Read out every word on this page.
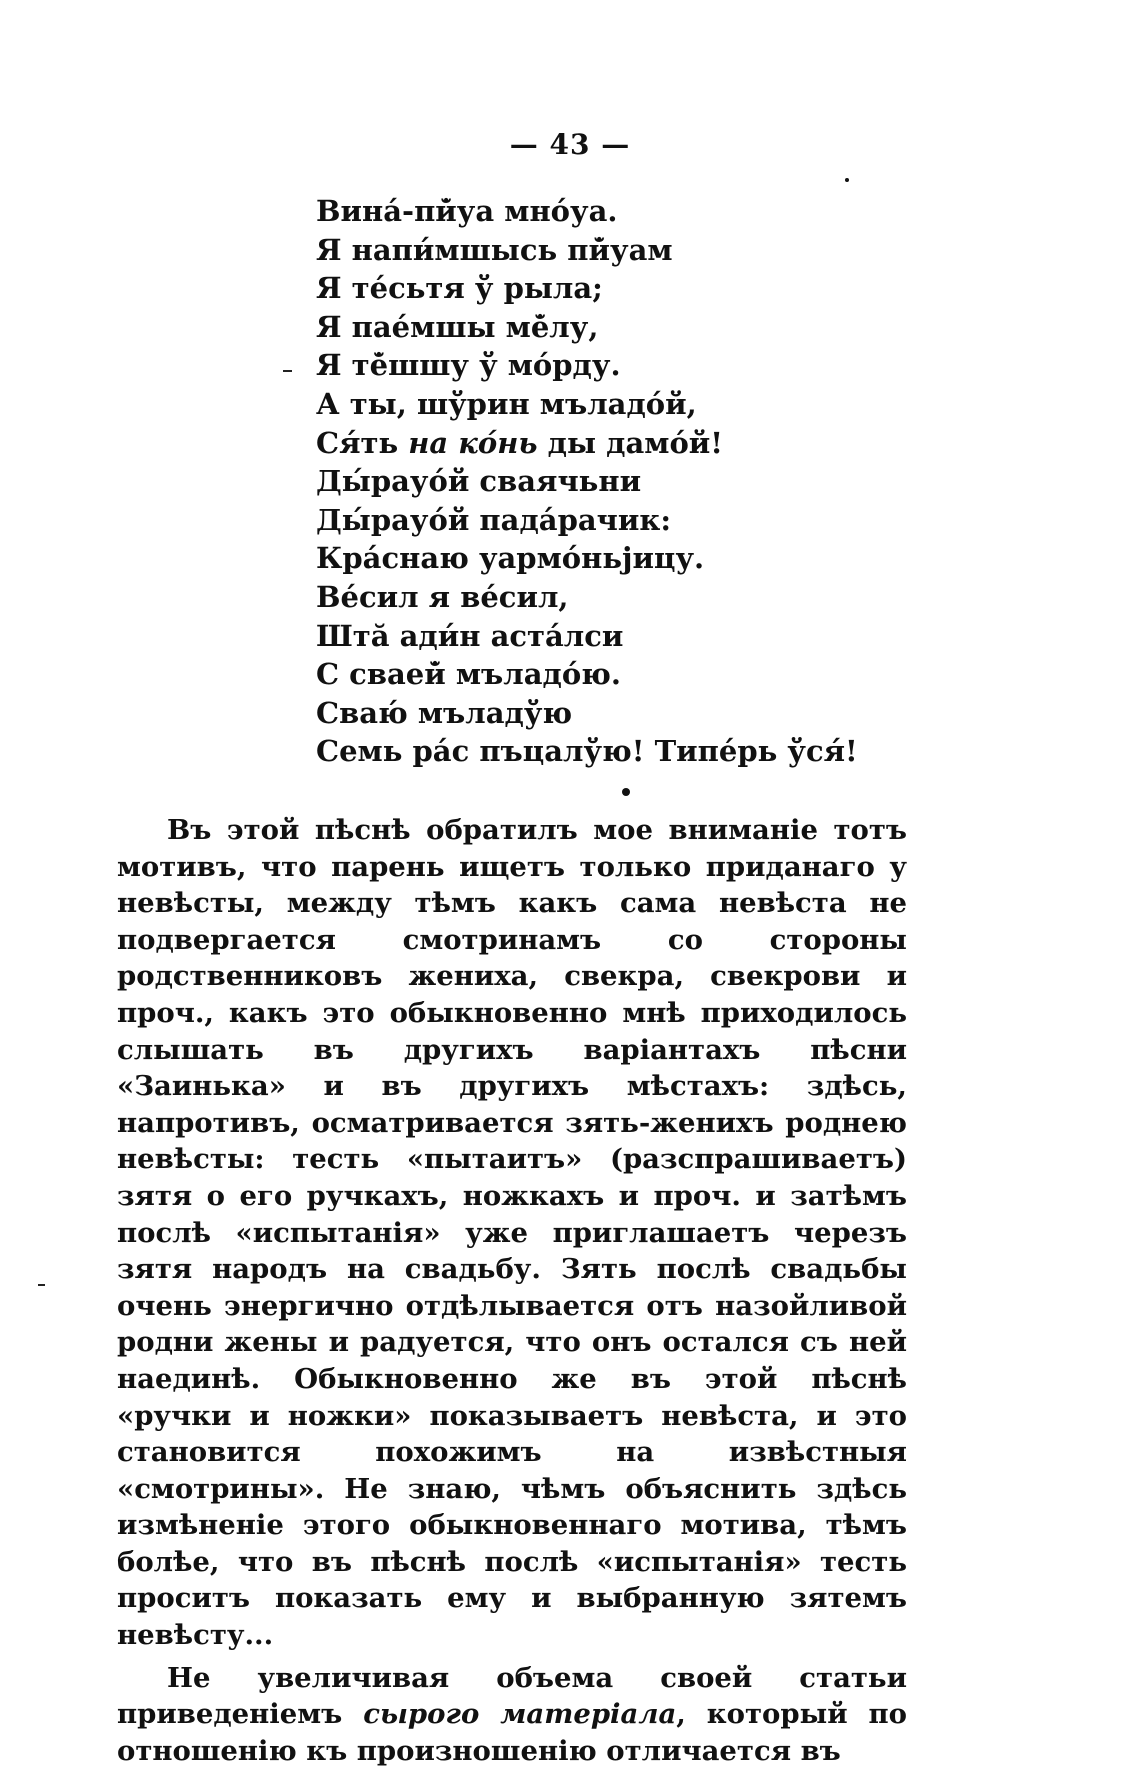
— 43 —
Вина́-пи̇̆уа мно́уа.
Я напи́мшысь пи̇̆уам
Я те́сьтя ў рыла;
Я пае́мшы ме̇̆лу,
Я те̇̆шшу ў мо́рду.
А ты, шўрин мъладо́й,
Ся́ть на ко́нь ды дамо́й!
Ды́рауо́й сваячьни
Ды́рауо́й пада́рачик:
Кра́снаю уармо́ньјицу.
Ве́сил я ве́сил,
Штӑ ади́н аста́лси
С сваеи̇̆ мъладо́ю.
Сваю́ мъладўю
Семь ра́с пъцалўю! Типе́рь ўся́!

Въ этой пѣснѣ обратилъ мое вниманіе тотъ мотивъ, что парень ищетъ только приданаго у невѣсты, между тѣмъ какъ сама невѣста не подвергается смотринамъ со стороны родственниковъ жениха, свекра, свекрови и проч., какъ это обыкновенно мнѣ приходилось слышать въ другихъ варіантахъ пѣсни «Заинька» и въ другихъ мѣстахъ: здѣсь, напротивъ, осматривается зять-женихъ роднею невѣсты: тесть «пытаитъ» (разспрашиваетъ) зятя о его ручкахъ, ножкахъ и проч. и затѣмъ послѣ «испытанія» уже приглашаетъ черезъ зятя народъ на свадьбу. Зять послѣ свадьбы очень энергично отдѣлывается отъ назойливой родни жены и радуется, что онъ остался съ ней наединѣ. Обыкновенно же въ этой пѣснѣ «ручки и ножки» показываетъ невѣста, и это становится похожимъ на извѣстныя «смотрины». Не знаю, чѣмъ объяснить здѣсь измѣненіе этого обыкновеннаго мотива, тѣмъ болѣе, что въ пѣснѣ послѣ «испытанія» тесть проситъ показать ему и выбранную зятемъ невѣсту...

Не увеличивая объема своей статьи приведеніемъ сырого матеріала, который по отношенію къ произношенію отличается въ
